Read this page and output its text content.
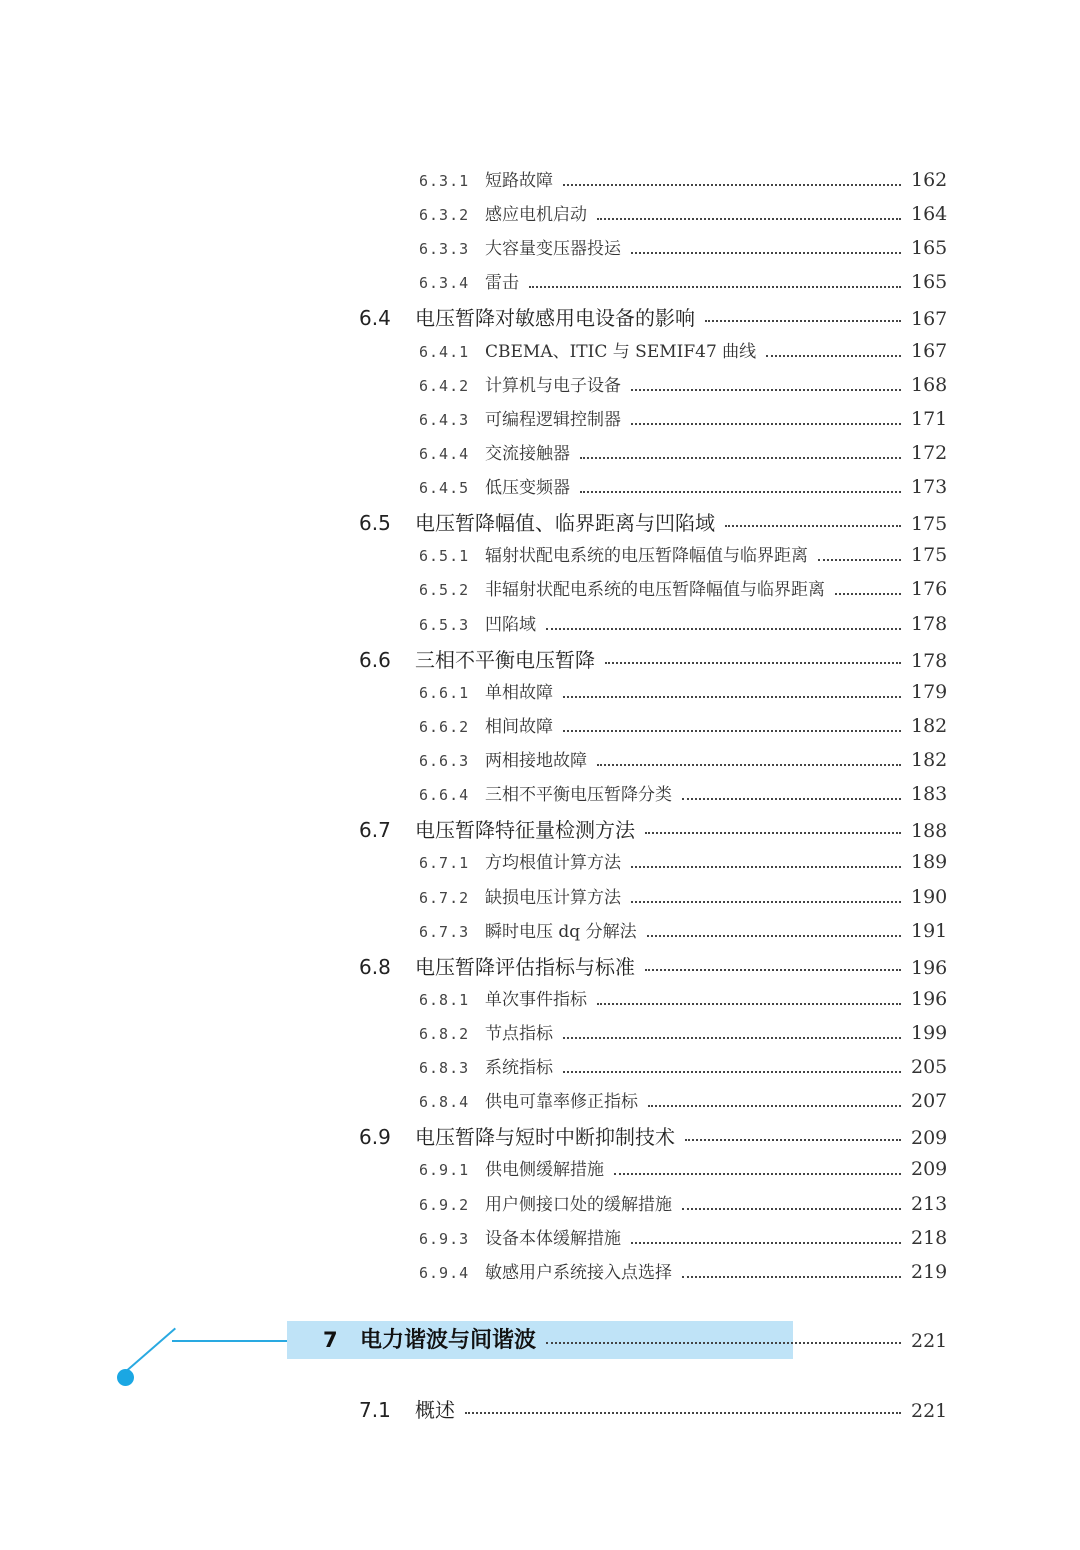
6.3.1 短路故障	162
6.3.2 感应电机启动	164
6.3.3 大容量变压器投运	165
6.3.4 雷击	165
6.4	电压暂降对敏感用电设备的影响	167
6.4.1 CBEMA、ITIC 与 SEMIF47 曲线	167
6.4.2 计算机与电子设备	168
6.4.3 可编程逻辑控制器	171
6.4.4 交流接触器	172
6.4.5 低压变频器	173
6.5	电压暂降幅值、临界距离与凹陷域	175
6.5.1 辐射状配电系统的电压暂降幅值与临界距离	175
6.5.2 非辐射状配电系统的电压暂降幅值与临界距离	176
6.5.3 凹陷域	178
6.6	三相不平衡电压暂降	178
6.6.1 单相故障	179
6.6.2 相间故障	182
6.6.3 两相接地故障	182
6.6.4 三相不平衡电压暂降分类	183
6.7	电压暂降特征量检测方法	188
6.7.1 方均根值计算方法	189
6.7.2 缺损电压计算方法	190
6.7.3 瞬时电压 dq 分解法	191
6.8	电压暂降评估指标与标准	196
6.8.1 单次事件指标	196
6.8.2 节点指标	199
6.8.3 系统指标	205
6.8.4 供电可靠率修正指标	207
6.9	电压暂降与短时中断抑制技术	209
6.9.1 供电侧缓解措施	209
6.9.2 用户侧接口处的缓解措施	213
6.9.3 设备本体缓解措施	218
6.9.4 敏感用户系统接入点选择	219
7	电力谐波与间谐波	221
7.1	概述	221
